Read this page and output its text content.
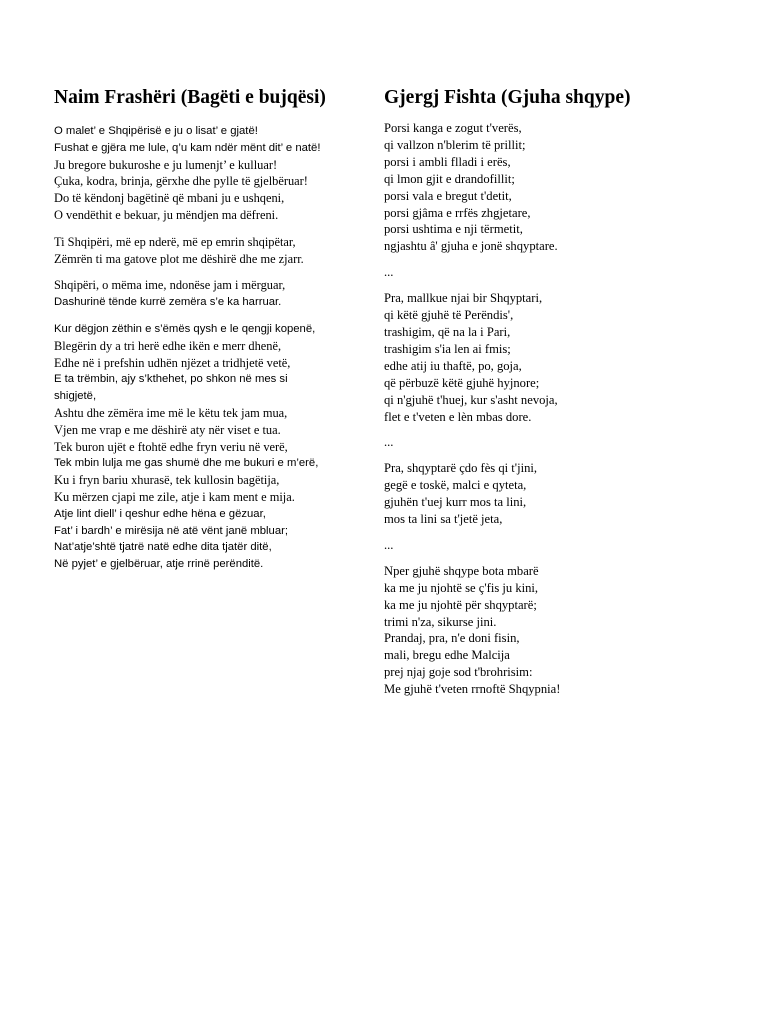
Naim Frashëri (Bagëti e bujqësi)
O malet’ e Shqipërisë e ju o lisat’ e gjatë!
Fushat e gjëra me lule, q’u kam ndër mënt dit’ e natë!
Ju bregore bukuroshe e ju lumenjt’ e kulluar!
Çuka, kodra, brinja, gërxhe dhe pylle të gjelbëruar!
Do të këndonj bagëtinë që mbani ju e ushqeni,
O vendëthit e bekuar, ju mëndjen ma dëfreni.
Ti Shqipëri, më ep nderë, më ep emrin shqipëtar,
Zëmrën ti ma gatove plot me dëshirë dhe me zjarr.
Shqipëri, o mëma ime, ndonëse jam i mërguar,
Dashurinë tënde kurrë zemëra s’e ka harruar.
Kur dëgjon zëthin e s’ëmës qysh e le qengji kopenë,
Blegërin dy a tri herë edhe ikën e merr dhenë,
Edhe në i prefshin udhën njëzet a tridhjetë vetë,
E ta trëmbin, ajy s’kthehet, po shkon në mes si
shigjetë,
Ashtu dhe zëmëra ime më le këtu tek jam mua,
Vjen me vrap e me dëshirë aty nër viset e tua.
Tek buron ujët e ftohtë edhe fryn veriu në verë,
Tek mbin lulja me gas shumë dhe me bukuri e m’erë,
Ku i fryn bariu xhurasë, tek kullosin bagëtija,
Ku mërzen cjapi me zile, atje i kam ment e mija.
Atje lint diell’ i qeshur edhe hëna e gëzuar,
Fat’ i bardh’ e mirësija në atë vënt janë mbluar;
Nat’atje’shtë tjatrë natë edhe dita tjatër ditë,
Në pyjet’ e gjelbëruar, atje rrinë perënditë.
Gjergj Fishta (Gjuha shqype)
Porsi kanga e zogut t'verës,
qi vallzon n'blerim të prillit;
porsi i ambli flladi i erës,
qi lmon gjit e drandofillit;
porsi vala e bregut t'detit,
porsi gjâma e rrfës zhgjetare,
porsi ushtima e nji tërmetit,
ngjashtu â' gjuha e jonë shqyptare.
...
Pra, mallkue njai bir Shqyptari,
qi këtë gjuhë të Perëndis',
trashigim, që na la i Pari,
trashigim s'ia len ai fmis;
edhe atij iu thaftë, po, goja,
që përbuzë këtë gjuhë hyjnore;
qi n'gjuhë t'huej, kur s'asht nevoja,
flet e t'veten e lèn mbas dore.
...
Pra, shqyptarë çdo fès qi t'jini,
gegë e toskë, malci e qyteta,
gjuhën t'uej kurr mos ta lini,
mos ta lini sa t'jetë jeta,
...
Nper gjuhë shqype bota mbarë
ka me ju njohtë se ç'fis ju kini,
ka me ju njohtë për shqyptarë;
trimi n'za, sikurse jini.
Prandaj, pra, n'e doni fisin,
mali, bregu edhe Malcija
prej njaj goje sod t'brohrisim:
Me gjuhë t'veten rrnoftë Shqypnia!
